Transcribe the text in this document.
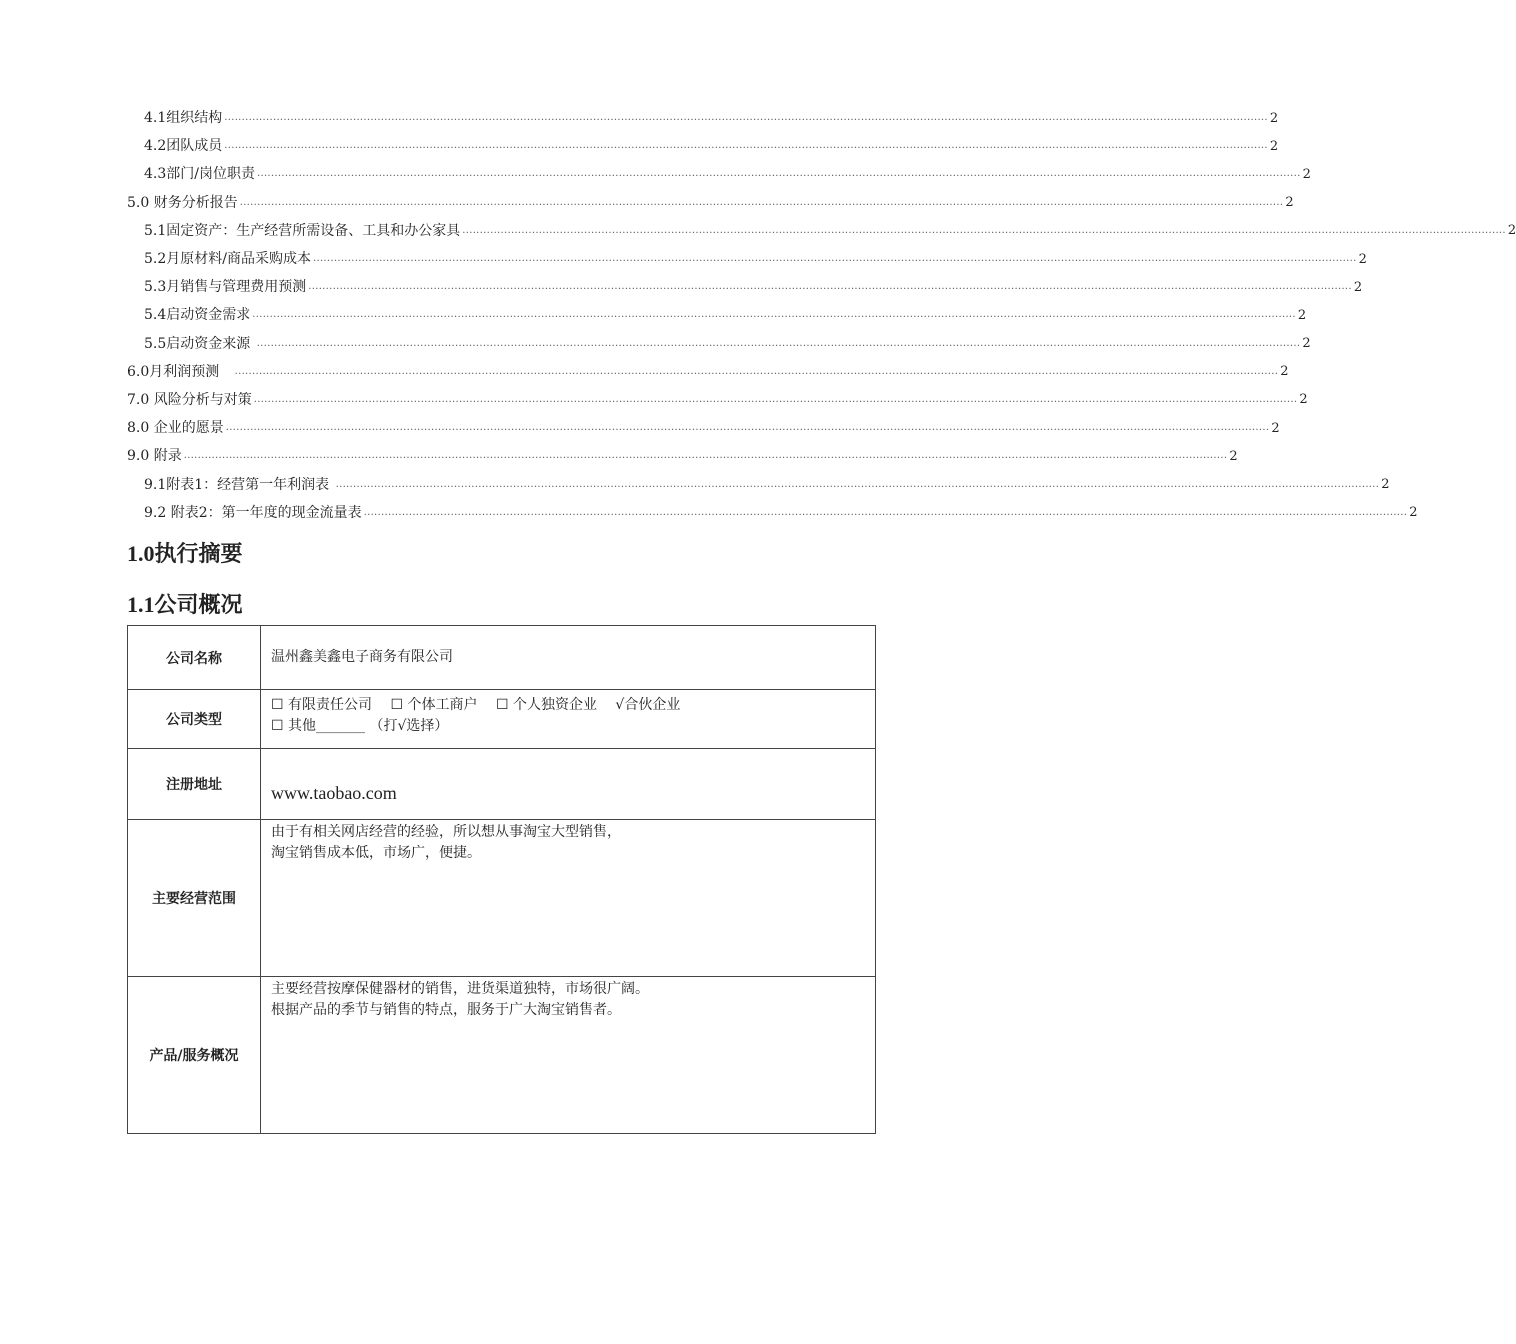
4.1组织结构 ............................................................................................................................................................................................................................................................................................................ 2
4.2团队成员 ............................................................................................................................................................................................................................................................................................................ 2
4.3部门/岗位职责 ............................................................................................................................................................................................................................................................................................................ 2
5.0 财务分析报告 ............................................................................................................................................................................................................................................................................................................ 2
5.1固定资产：生产经营所需设备、工具和办公家具 ............................................................................................................................................................................................................................................................................................................ 2
5.2月原材料/商品采购成本 ............................................................................................................................................................................................................................................................................................................ 2
5.3月销售与管理费用预测 ............................................................................................................................................................................................................................................................................................................ 2
5.4启动资金需求 ............................................................................................................................................................................................................................................................................................................ 2
5.5启动资金来源 ............................................................................................................................................................................................................................................................................................................ 2
6.0月利润预测 ............................................................................................................................................................................................................................................................................................................ 2
7.0 风险分析与对策 ............................................................................................................................................................................................................................................................................................................ 2
8.0 企业的愿景 ............................................................................................................................................................................................................................................................................................................ 2
9.0 附录 ............................................................................................................................................................................................................................................................................................................ 2
9.1附表1：经营第一年利润表 ............................................................................................................................................................................................................................................................................................................ 2
9.2 附表2：第一年度的现金流量表 ............................................................................................................................................................................................................................................................................................................ 2
1.0执行摘要
1.1公司概况
公司名称	温州鑫美鑫电子商务有限公司
公司类型	☐ 有限责任公司 ☐ 个体工商户 ☐ 个人独资企业 √合伙企业
☐ 其他_______ （打√选择）

注册地址	www.taobao.com

主要经营范围	由于有相关网店经营的经验，所以想从事淘宝大型销售，

淘宝销售成本低，市场广，便捷。

产品/服务概况	主要经营按摩保健器材的销售，进货渠道独特，市场很广阔。

根据产品的季节与销售的特点，服务于广大淘宝销售者。
